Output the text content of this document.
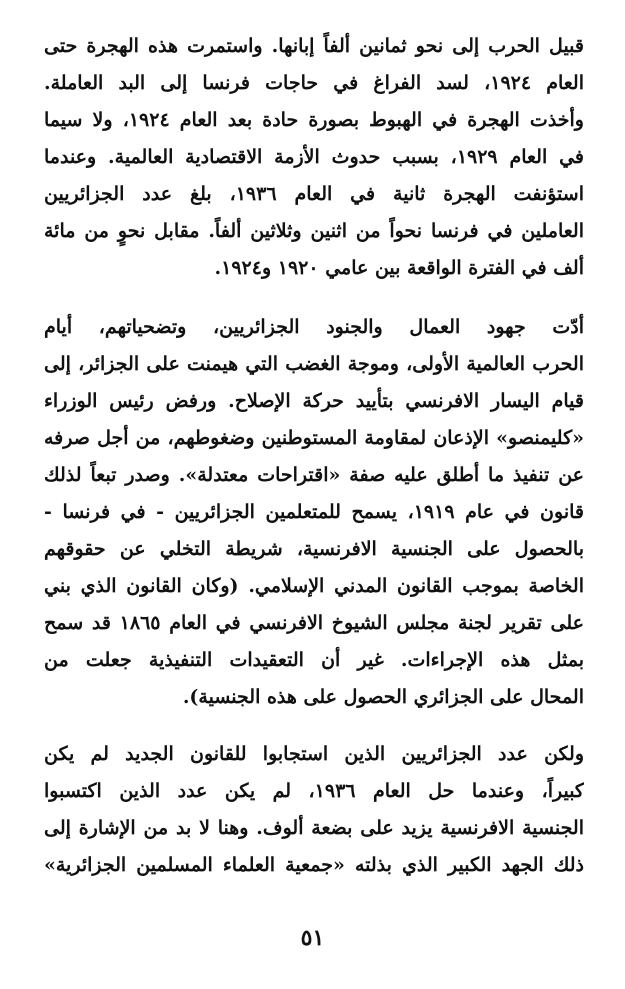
قبيل الحرب إلى نحو ثمانين ألفاً إبانها. واستمرت هذه الهجرة حتى
العام ١٩٢٤، لسد الفراغ في حاجات فرنسا إلى البد العاملة.
وأخذت الهجرة في الهبوط بصورة حادة بعد العام ١٩٢٤، ولا سيما
في العام ١٩٢٩، بسبب حدوث الأزمة الاقتصادية العالمية. وعندما
استؤنفت الهجرة ثانية في العام ١٩٣٦، بلغ عدد الجزائريين
العاملين في فرنسا نحواً من اثنين وثلاثين ألفاً. مقابل نحوٍ من مائة
ألف في الفترة الواقعة بين عامي ١٩٢٠ و١٩٢٤.
أدّت جهود العمال والجنود الجزائريين، وتضحياتهم، أيام
الحرب العالمية الأولى، وموجة الغضب التي هيمنت على الجزائر، إلى
قيام اليسار الافرنسي بتأييد حركة الإصلاح. ورفض رئيس الوزراء
«كليمنصو» الإذعان لمقاومة المستوطنين وضغوطهم، من أجل صرفه
عن تنفيذ ما أطلق عليه صفة «اقتراحات معتدلة». وصدر تبعاً لذلك
قانون في عام ١٩١٩، يسمح للمتعلمين الجزائريين - في فرنسا -
بالحصول على الجنسية الافرنسية، شريطة التخلي عن حقوقهم
الخاصة بموجب القانون المدني الإسلامي. (وكان القانون الذي بني
على تقرير لجنة مجلس الشيوخ الافرنسي في العام ١٨٦٥ قد سمح
بمثل هذه الإجراءات. غير أن التعقيدات التنفيذية جعلت من
المحال على الجزائري الحصول على هذه الجنسية).
ولكن عدد الجزائريين الذين استجابوا للقانون الجديد لم يكن
كبيراً، وعندما حل العام ١٩٣٦، لم يكن عدد الذين اكتسبوا
الجنسية الافرنسية يزيد على بضعة ألوف. وهنا لا بد من الإشارة إلى
ذلك الجهد الكبير الذي بذلته «جمعية العلماء المسلمين الجزائرية»
٥١
